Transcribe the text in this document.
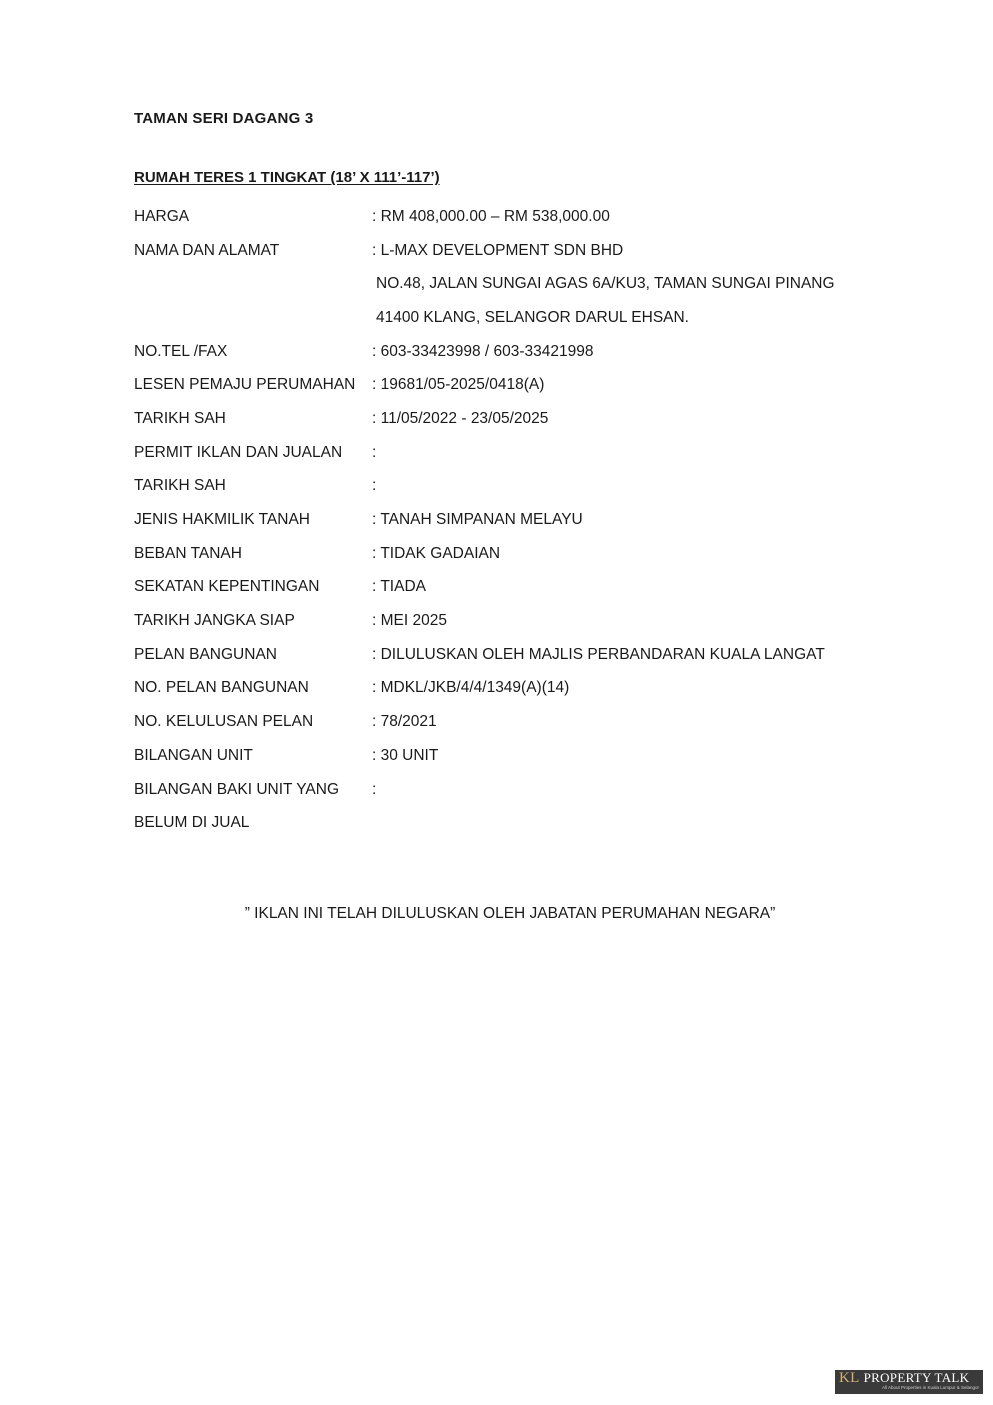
TAMAN SERI DAGANG 3
RUMAH TERES 1 TINGKAT (18’ X 111’-117’)
HARGA	: RM 408,000.00 – RM 538,000.00
NAMA DAN ALAMAT	: L-MAX DEVELOPMENT SDN BHD
NO.48, JALAN SUNGAI AGAS 6A/KU3, TAMAN SUNGAI PINANG
41400 KLANG, SELANGOR DARUL EHSAN.
NO.TEL /FAX	: 603-33423998 / 603-33421998
LESEN PEMAJU PERUMAHAN	: 19681/05-2025/0418(A)
TARIKH SAH	: 11/05/2022 - 23/05/2025
PERMIT IKLAN DAN JUALAN	:
TARIKH SAH	:
JENIS HAKMILIK TANAH	: TANAH SIMPANAN MELAYU
BEBAN TANAH	: TIDAK GADAIAN
SEKATAN KEPENTINGAN	: TIADA
TARIKH JANGKA SIAP	: MEI 2025
PELAN BANGUNAN	: DILULUSKAN OLEH MAJLIS PERBANDARAN KUALA LANGAT
NO. PELAN BANGUNAN	: MDKL/JKB/4/4/1349(A)(14)
NO. KELULUSAN PELAN	: 78/2021
BILANGAN UNIT	: 30 UNIT
BILANGAN BAKI UNIT YANG	:
BELUM DI JUAL
” IKLAN INI TELAH DILULUSKAN OLEH JABATAN PERUMAHAN NEGARA”
KL PROPERTY TALK
All About Properties in Kuala Lumpur & Selangor
